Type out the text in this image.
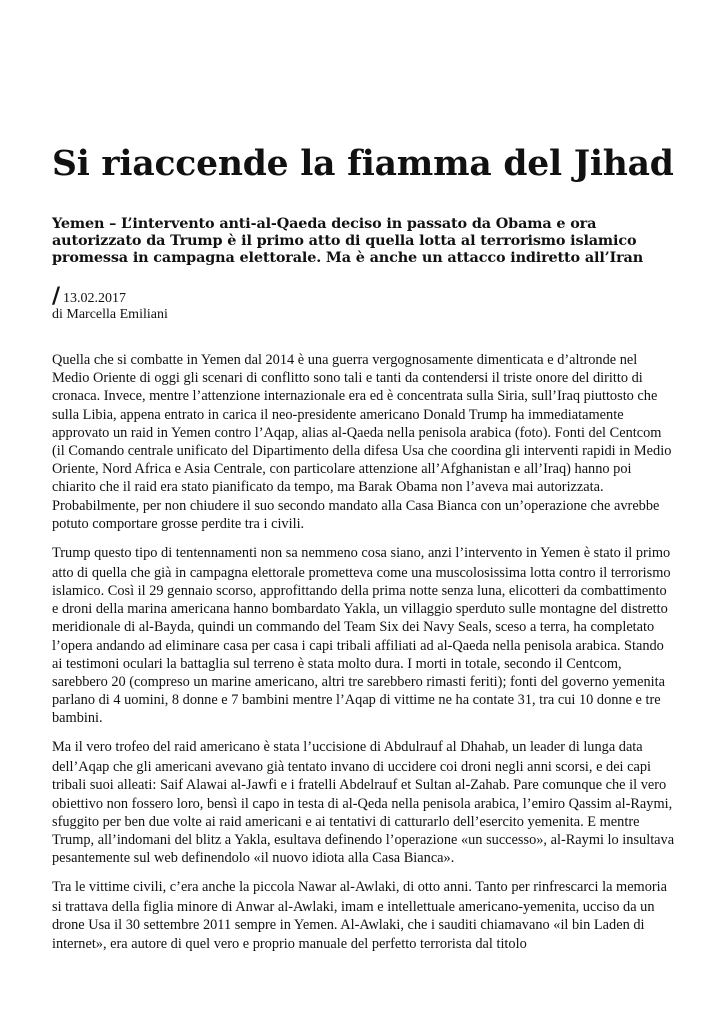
Si riaccende la fiamma del Jihad
Yemen – L’intervento anti-al-Qaeda deciso in passato da Obama e ora autorizzato da Trump è il primo atto di quella lotta al terrorismo islamico promessa in campagna elettorale. Ma è anche un attacco indiretto all’Iran
/ 13.02.2017
di Marcella Emiliani

Quella che si combatte in Yemen dal 2014 è una guerra vergognosamente dimenticata e d’altronde nel Medio Oriente di oggi gli scenari di conflitto sono tali e tanti da contendersi il triste onore del diritto di cronaca. Invece, mentre l’attenzione internazionale era ed è concentrata sulla Siria, sull’Iraq piuttosto che sulla Libia, appena entrato in carica il neo-presidente americano Donald Trump ha immediatamente approvato un raid in Yemen contro l’Aqap, alias al-Qaeda nella penisola arabica (foto). Fonti del Centcom (il Comando centrale unificato del Dipartimento della difesa Usa che coordina gli interventi rapidi in Medio Oriente, Nord Africa e Asia Centrale, con particolare attenzione all’Afghanistan e all’Iraq) hanno poi chiarito che il raid era stato pianificato da tempo, ma Barak Obama non l’aveva mai autorizzata. Probabilmente, per non chiudere il suo secondo mandato alla Casa Bianca con un’operazione che avrebbe potuto comportare grosse perdite tra i civili.

Trump questo tipo di tentennamenti non sa nemmeno cosa siano, anzi l’intervento in Yemen è stato il primo atto di quella che già in campagna elettorale prometteva come una muscolosissima lotta contro il terrorismo islamico. Così il 29 gennaio scorso, approfittando della prima notte senza luna, elicotteri da combattimento e droni della marina americana hanno bombardato Yakla, un villaggio sperduto sulle montagne del distretto meridionale di al-Bayda, quindi un commando del Team Six dei Navy Seals, sceso a terra, ha completato l’opera andando ad eliminare casa per casa i capi tribali affiliati ad al-Qaeda nella penisola arabica. Stando ai testimoni oculari la battaglia sul terreno è stata molto dura. I morti in totale, secondo il Centcom, sarebbero 20 (compreso un marine americano, altri tre sarebbero rimasti feriti); fonti del governo yemenita parlano di 4 uomini, 8 donne e 7 bambini mentre l’Aqap di vittime ne ha contate 31, tra cui 10 donne e tre bambini.

Ma il vero trofeo del raid americano è stata l’uccisione di Abdulrauf al Dhahab, un leader di lunga data dell’Aqap che gli americani avevano già tentato invano di uccidere coi droni negli anni scorsi, e dei capi tribali suoi alleati: Saif Alawai al-Jawfi e i fratelli Abdelrauf et Sultan al-Zahab. Pare comunque che il vero obiettivo non fossero loro, bensì il capo in testa di al-Qeda nella penisola arabica, l’emiro Qassim al-Raymi, sfuggito per ben due volte ai raid americani e ai tentativi di catturarlo dell’esercito yemenita. E mentre Trump, all’indomani del blitz a Yakla, esultava definendo l’operazione «un successo», al-Raymi lo insultava pesantemente sul web definendolo «il nuovo idiota alla Casa Bianca».

Tra le vittime civili, c’era anche la piccola Nawar al-Awlaki, di otto anni. Tanto per rinfrescarci la memoria si trattava della figlia minore di Anwar al-Awlaki, imam e intellettuale americano-yemenita, ucciso da un drone Usa il 30 settembre 2011 sempre in Yemen. Al-Awlaki, che i sauditi chiamavano «il bin Laden di internet», era autore di quel vero e proprio manuale del perfetto terrorista dal titolo
